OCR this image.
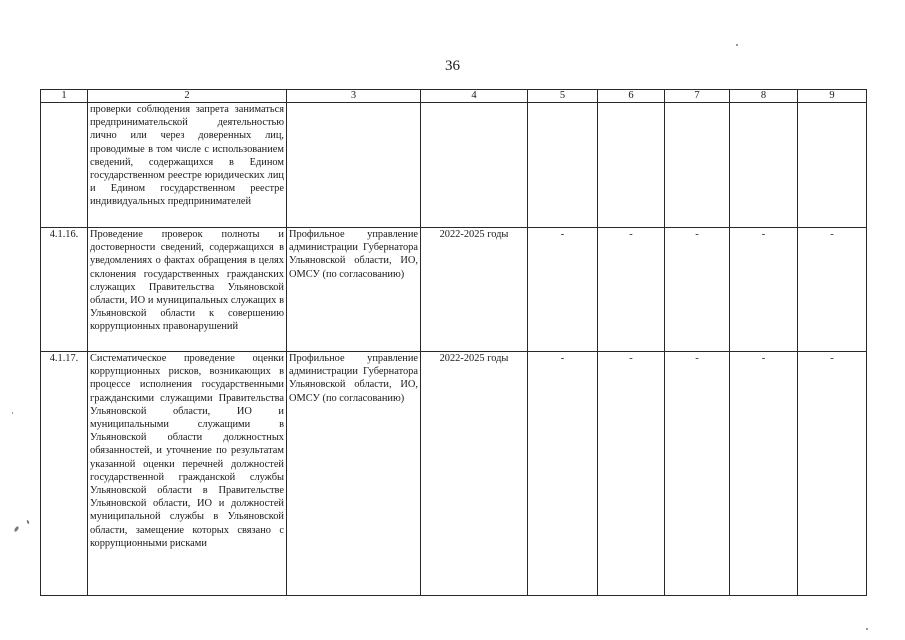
36
1	2	3	4	5	6	7	8	9
	проверки соблюдения запрета заниматься предпринимательской деятельностью лично или через доверенных лиц, проводимые в том числе с использованием сведений, содержащихся в Едином государственном реестре юридических лиц и Едином государственном реестре индивидуальных предпринимателей							
4.1.16.	Проведение проверок полноты и достоверности сведений, содержащихся в уведомлениях о фактах обращения в целях склонения государственных гражданских служащих Правительства Ульяновской области, ИО и муниципальных служащих в Ульяновской области к совершению коррупционных правонарушений	Профильное управление администрации Губернатора Ульяновской области, ИО, ОМСУ (по согласованию)	2022-2025 годы	-	-	-	-	-
4.1.17.	Систематическое проведение оценки коррупционных рисков, возникающих в процессе исполнения государственными гражданскими служащими Правительства Ульяновской области, ИО и муниципальными служащими в Ульяновской области должностных обязанностей, и уточнение по результатам указанной оценки перечней должностей государственной гражданской службы Ульяновской области в Правительстве Ульяновской области, ИО и должностей муниципальной службы в Ульяновской области, замещение которых связано с коррупционными рисками	Профильное управление администрации Губернатора Ульяновской области, ИО, ОМСУ (по согласованию)	2022-2025 годы	-	-	-	-	-
